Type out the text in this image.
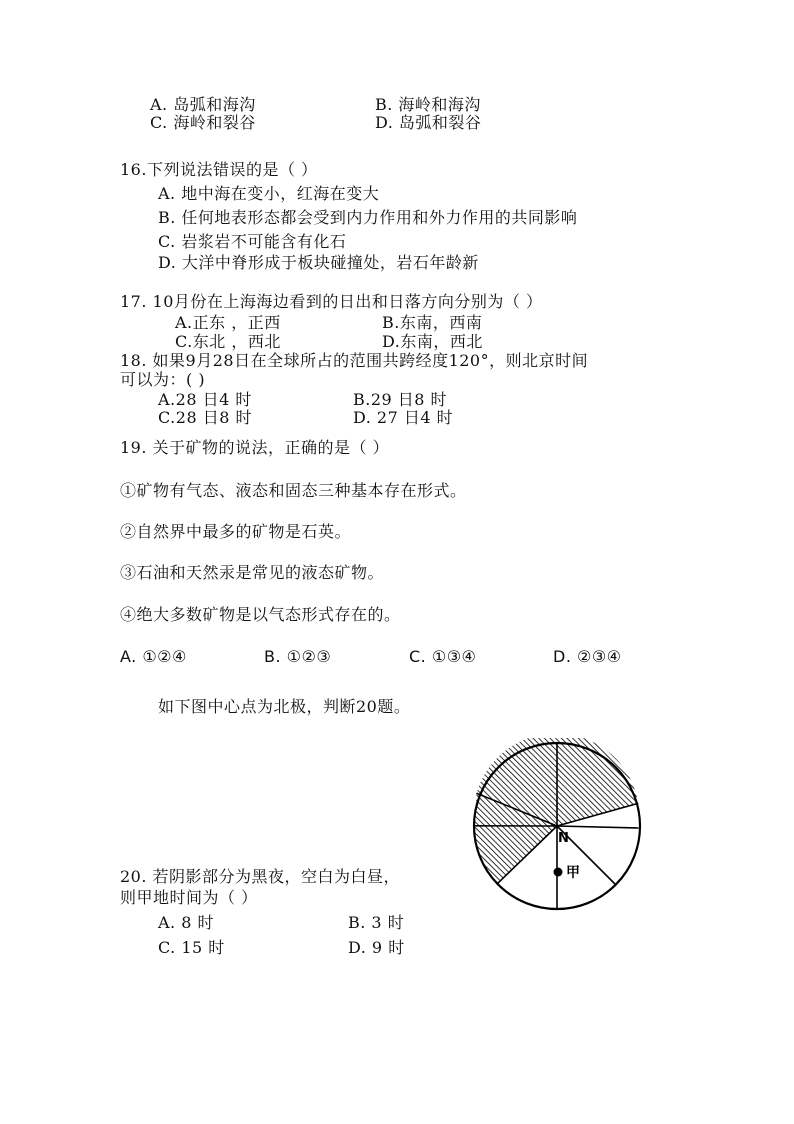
A. 岛弧和海沟	B. 海岭和海沟
C. 海岭和裂谷	D. 岛弧和裂谷
16.下列说法错误的是（ ）
A. 地中海在变小，红海在变大
B. 任何地表形态都会受到内力作用和外力作用的共同影响
C. 岩浆岩不可能含有化石
D. 大洋中脊形成于板块碰撞处，岩石年龄新
17. 10月份在上海海边看到的日出和日落方向分别为（ ）
A.正东 ，正西	B.东南，西南
C.东北 ，西北	D.东南，西北
18. 如果9月28日在全球所占的范围共跨经度120°，则北京时间
可以为：( )
A.28 日4 时	B.29 日8 时
C.28 日8 时	D. 27 日4 时
19. 关于矿物的说法，正确的是（ ）
①矿物有气态、液态和固态三种基本存在形式。
②自然界中最多的矿物是石英。
③石油和天然汞是常见的液态矿物。
④绝大多数矿物是以气态形式存在的。
A. ①②④	B. ①②③	C. ①③④	D. ②③④
如下图中心点为北极，判断20题。
N
甲
20. 若阴影部分为黑夜，空白为白昼，
则甲地时间为（ ）
A. 8 时	B. 3 时
C. 15 时	D. 9 时
